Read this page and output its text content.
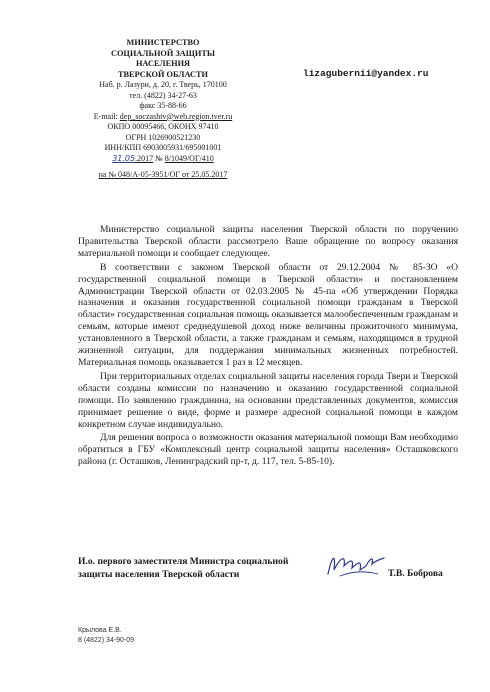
МИНИСТЕРСТВО
СОЦИАЛЬНОЙ ЗАЩИТЫ
НАСЕЛЕНИЯ
ТВЕРСКОЙ ОБЛАСТИ
Наб. р. Лазури, д. 20, г. Тверь, 170100
тел. (4822) 34-27-63
факс 35-88-66
E-mail: dep_soczashtv@web.region.tver.ru
ОКПО 00095466, ОКОНХ 97410
ОГРН 1026900521230
ИНН/КПП 6903005931/695001001
31.05.2017 № 8/1049/ОГ/410
на № 048/А-05-3951/ОГ от 25.05.2017
lizagubernii@yandex.ru

Министерство социальной защиты населения Тверской области по поручению Правительства Тверской области рассмотрело Ваше обращение по вопросу оказания материальной помощи и сообщает следующее.

В соответствии с законом Тверской области от 29.12.2004 № 85-ЗО «О государственной социальной помощи в Тверской области» и постановлением Администрации Тверской области от 02.03.2005 № 45-па «Об утверждении Порядка назначения и оказания государственной социальной помощи гражданам в Тверской области» государственная социальная помощь оказывается малообеспеченным гражданам и семьям, которые имеют среднедушевой доход ниже величины прожиточного минимума, установленного в Тверской области, а также гражданам и семьям, находящимся в трудной жизненной ситуации, для поддержания минимальных жизненных потребностей. Материальная помощь оказывается 1 раз в 12 месяцев.

При территориальных отделах социальной защиты населения города Твери и Тверской области созданы комиссии по назначению и оказанию государственной социальной помощи. По заявлению гражданина, на основании представленных документов, комиссия принимает решение о виде, форме и размере адресной социальной помощи в каждом конкретном случае индивидуально.

Для решения вопроса о возможности оказания материальной помощи Вам необходимо обратиться в ГБУ «Комплексный центр социальной защиты населения» Осташковского района (г. Осташков, Ленинградский пр-т, д. 117, тел. 5-85-10).

И.о. первого заместителя Министра социальной
защиты населения Тверской области	Т.В. Боброва
Крылова Е.В.
8 (4822) 34-90-09
